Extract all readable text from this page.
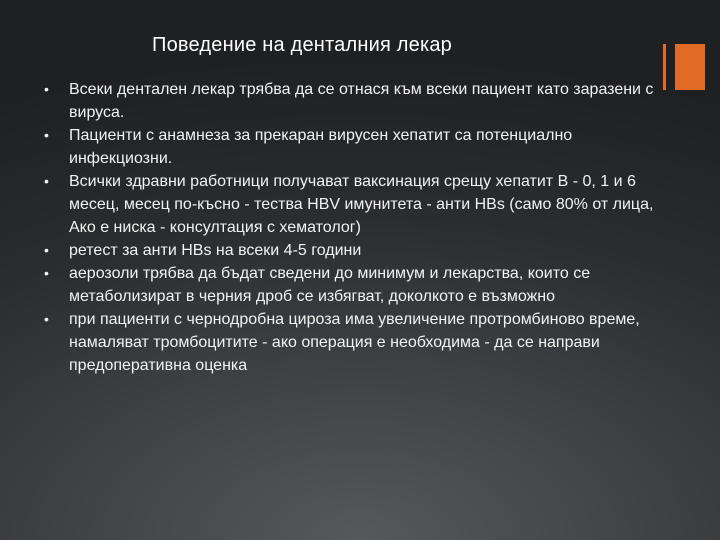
Поведение на денталния лекар
• Всеки дентален лекар трябва да се отнася към всеки пациент като заразени с вируса.
• Пациенти с анамнеза за прекаран вирусен хепатит са потенциално инфекциозни.
• Всички здравни работници получават ваксинация срещу хепатит В - 0, 1 и 6 месец, месец по-късно - тества HBV имунитета - анти HBs (само 80% от лица, Ако е ниска - консултация с хематолог)
• ретест за анти HBs на всеки 4-5 години
• аерозоли трябва да бъдат сведени до минимум и лекарства, които се метаболизират в черния дроб се избягват, доколкото е възможно
• при пациенти с чернодробна цироза има увеличение протромбиново време, намаляват тромбоцитите - ако операция е необходима - да се направи предоперативна оценка
